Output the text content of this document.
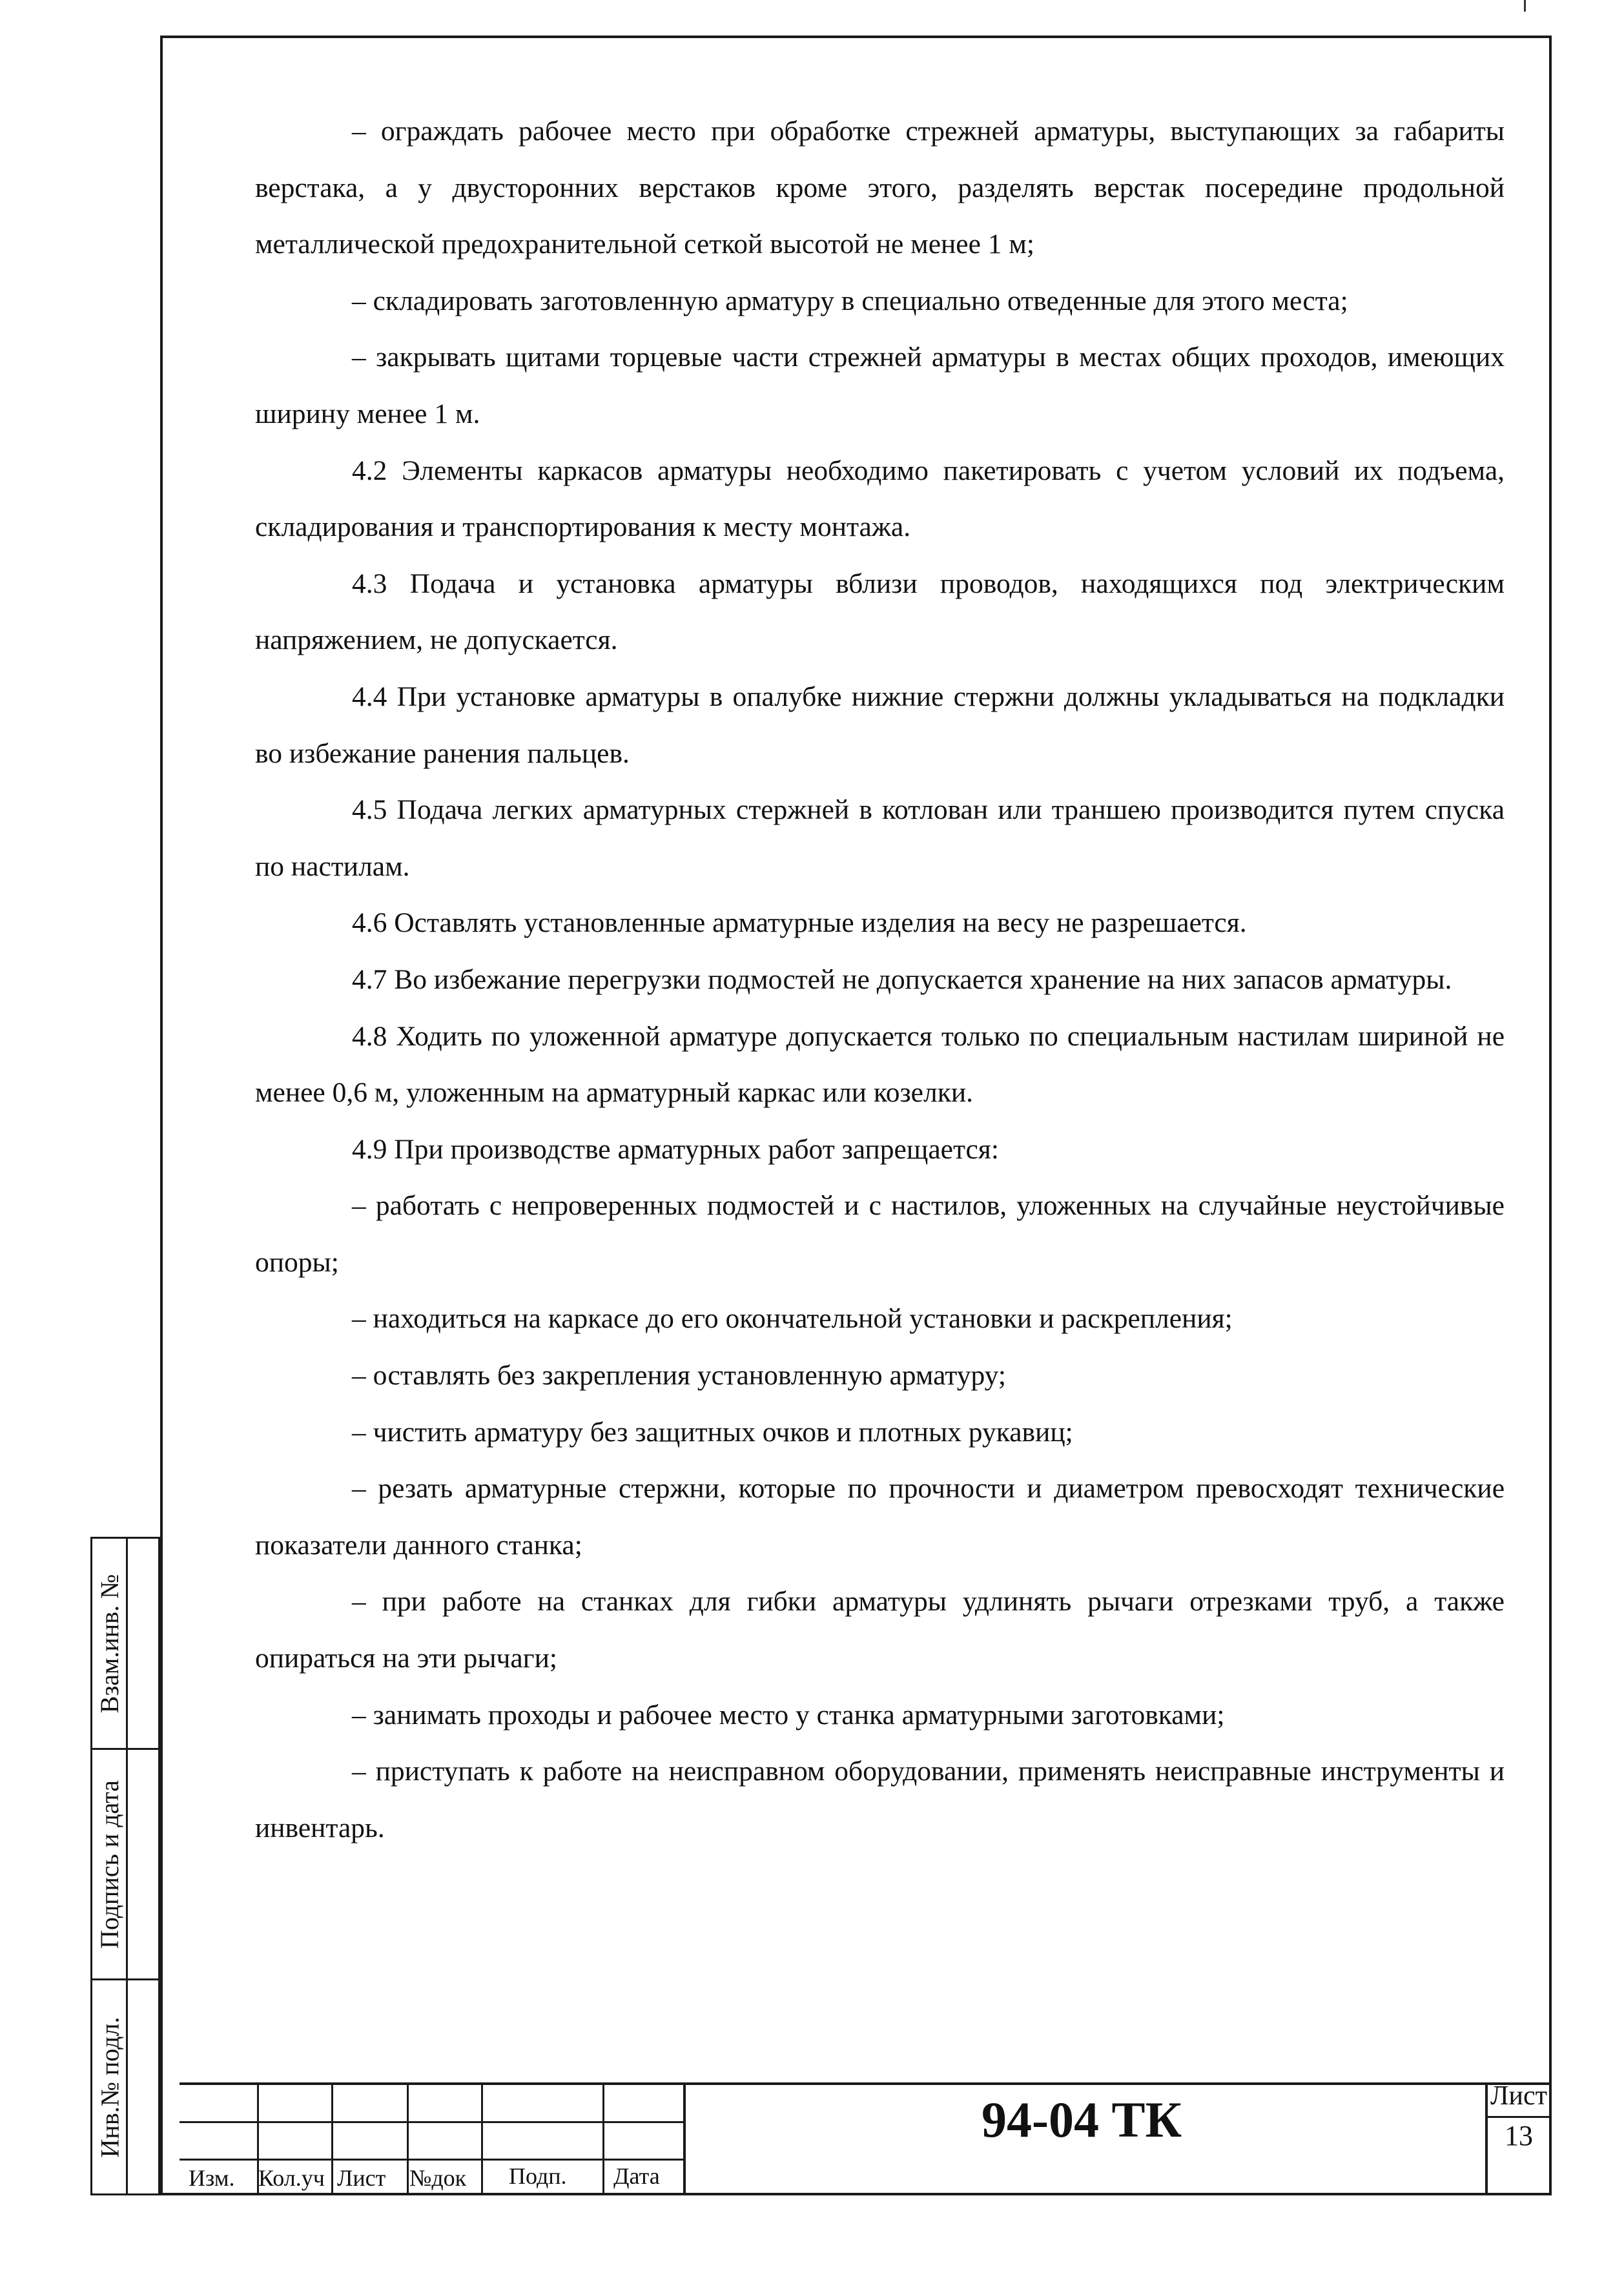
– ограждать рабочее место при обработке стрежней арматуры, выступающих за габариты верстака, а у двусторонних верстаков кроме этого, разделять верстак посередине продольной металлической предохранительной сеткой высотой не менее 1 м;

– складировать заготовленную арматуру в специально отведенные для этого места;

– закрывать щитами торцевые части стрежней арматуры в местах общих проходов, имеющих ширину менее 1 м.

4.2 Элементы каркасов арматуры необходимо пакетировать с учетом условий их подъема, складирования и транспортирования к месту монтажа.

4.3 Подача и установка арматуры вблизи проводов, находящихся под электрическим напряжением, не допускается.

4.4 При установке арматуры в опалубке нижние стержни должны укладываться на подкладки во избежание ранения пальцев.

4.5 Подача легких арматурных стержней в котлован или траншею производится путем спуска по настилам.

4.6 Оставлять установленные арматурные изделия на весу не разрешается.

4.7 Во избежание перегрузки подмостей не допускается хранение на них запасов арматуры.

4.8 Ходить по уложенной арматуре допускается только по специальным настилам шириной не менее 0,6 м, уложенным на арматурный каркас или козелки.

4.9 При производстве арматурных работ запрещается:

– работать с непроверенных подмостей и с настилов, уложенных на случайные неустойчивые опоры;

– находиться на каркасе до его окончательной установки и раскрепления;

– оставлять без закрепления установленную арматуру;

– чистить арматуру без защитных очков и плотных рукавиц;

– резать арматурные стержни, которые по прочности и диаметром превосходят технические показатели данного станка;

– при работе на станках для гибки арматуры удлинять рычаги отрезками труб, а также опираться на эти рычаги;

– занимать проходы и рабочее место у станка арматурными заготовками;

– приступать к работе на неисправном оборудовании, применять неисправные инструменты и инвентарь.

Взам.инв. №
Подпись и дата
Инв.№ подл.
Изм. Кол.уч Лист №док Подп. Дата
94-04 ТК	Лист
13
